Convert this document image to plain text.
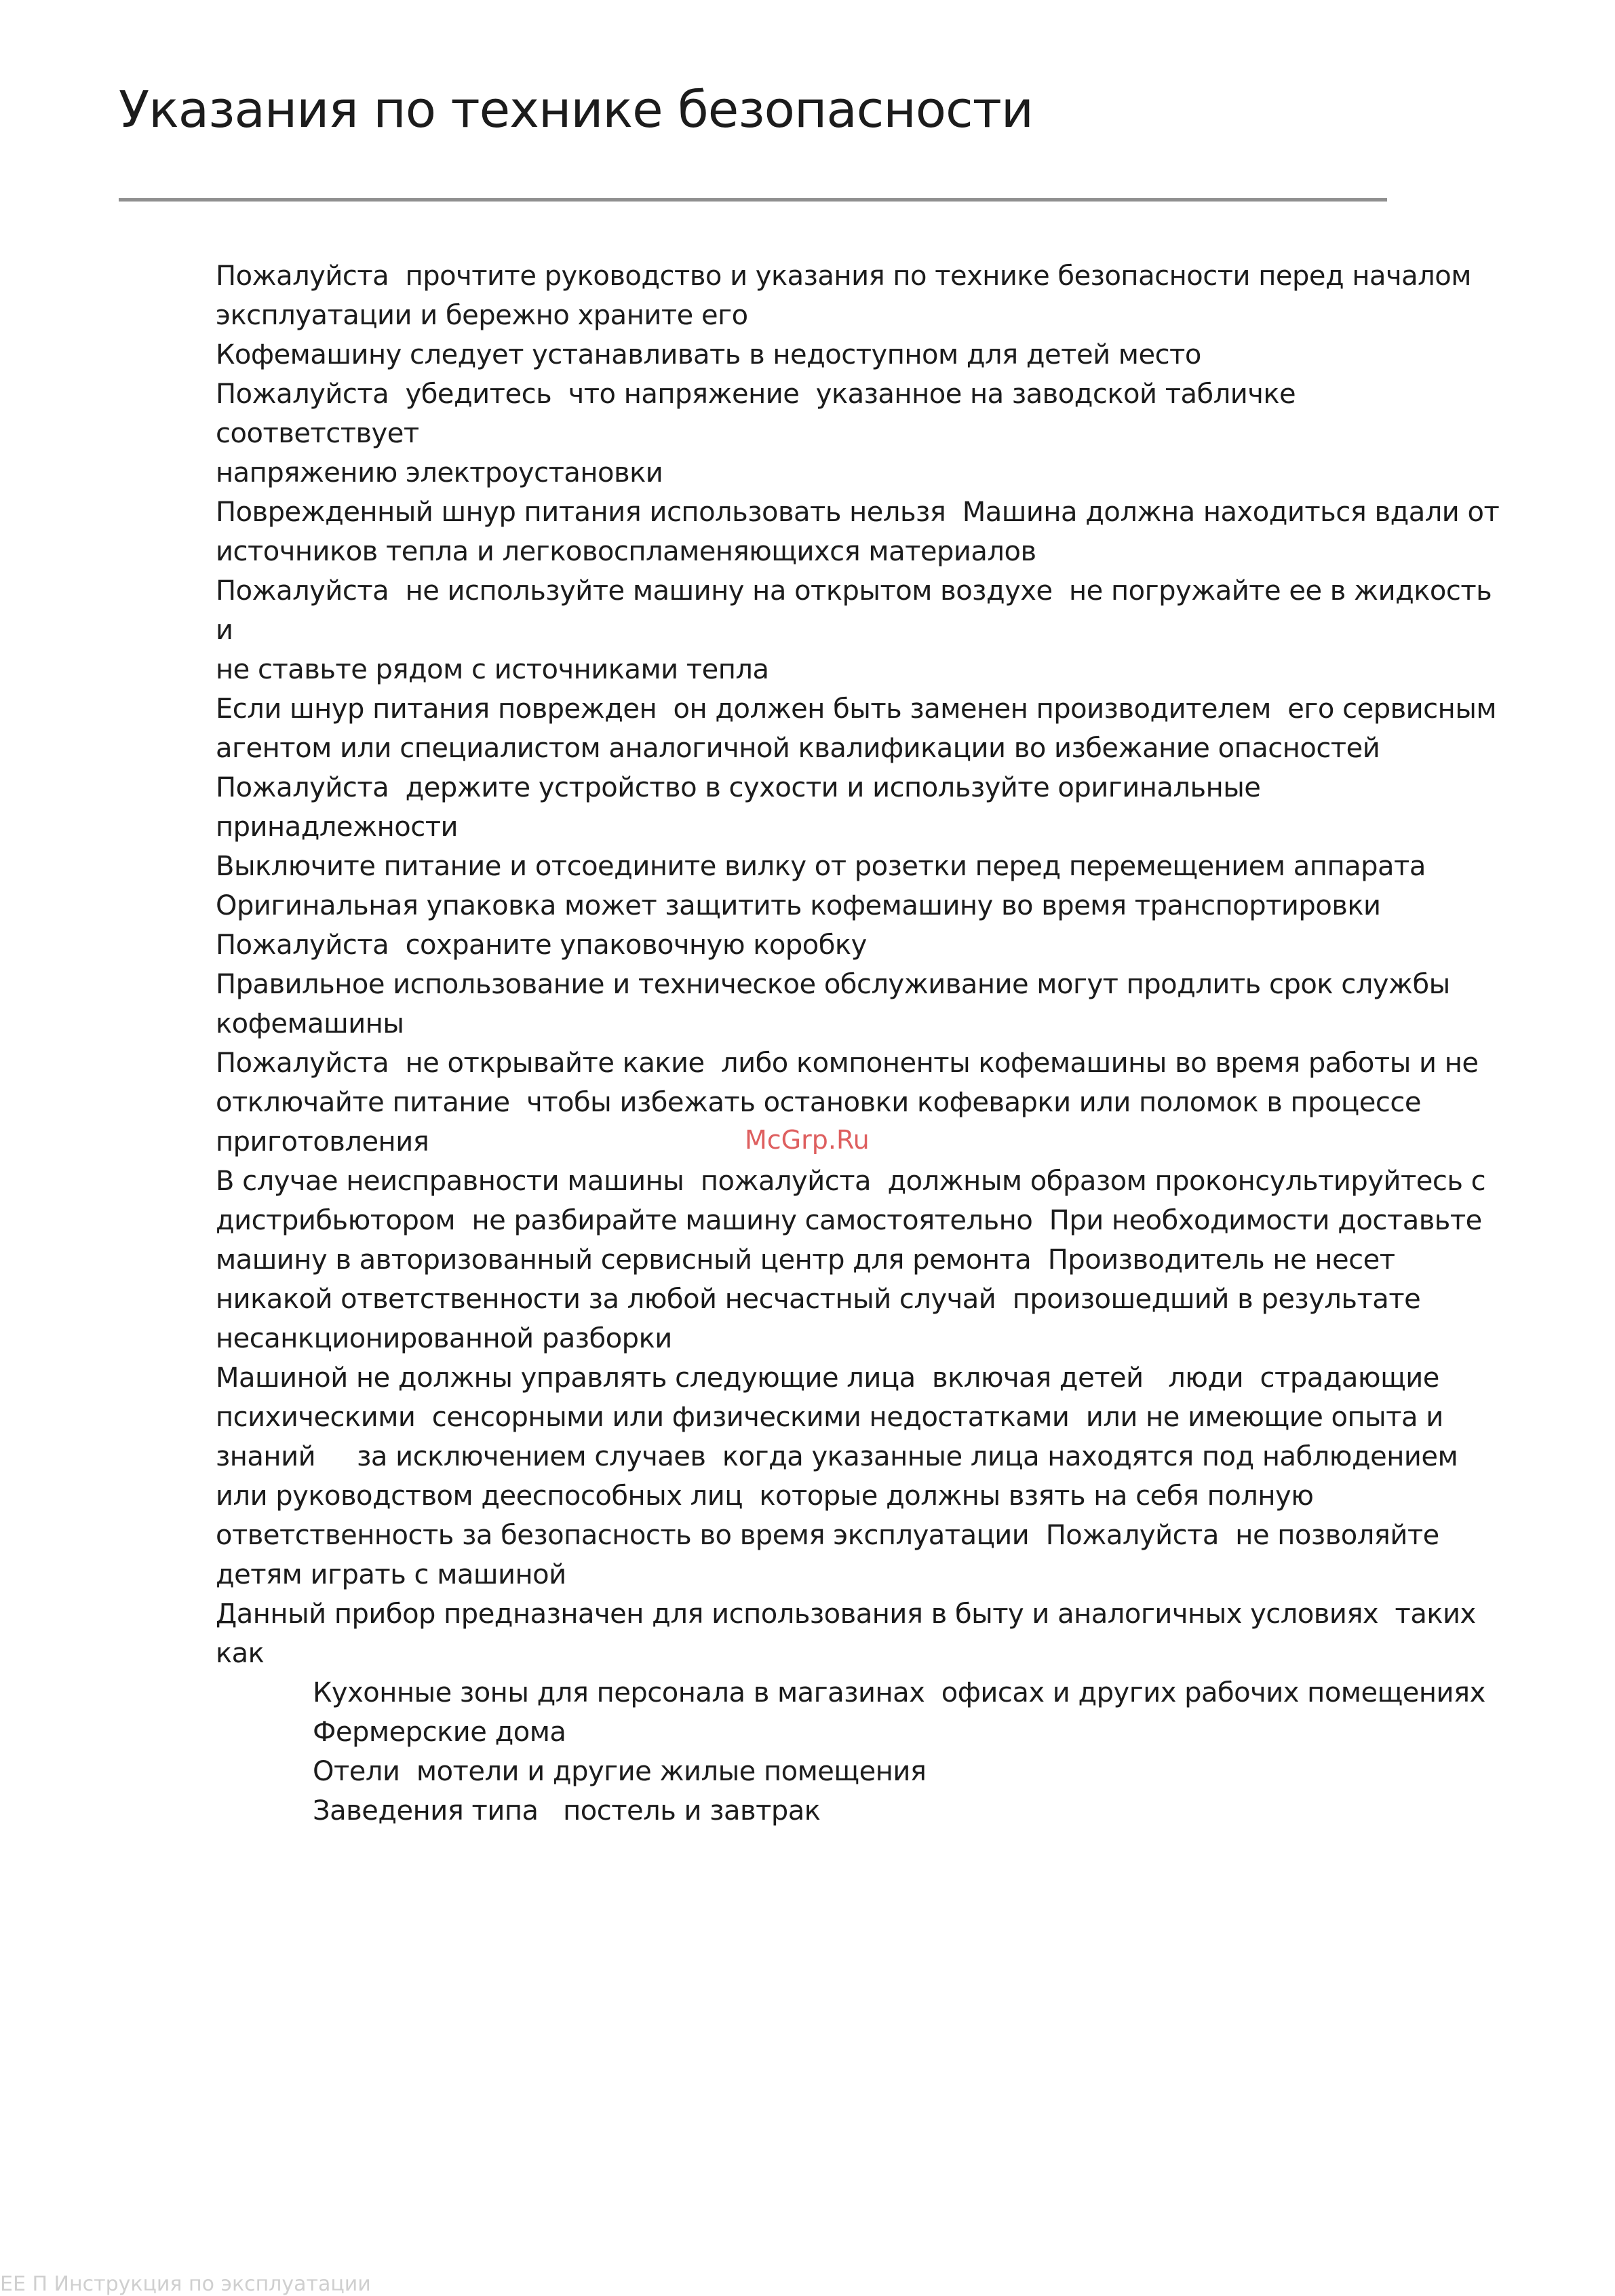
Указания по технике безопасности

Пожалуйста  прочтите руководство и указания по технике безопасности перед началом
эксплуатации и бережно храните его

Кофемашину следует устанавливать в недоступном для детей место

Пожалуйста  убедитесь  что напряжение  указанное на заводской табличке  соответствует
напряжению электроустановки

Поврежденный шнур питания использовать нельзя  Машина должна находиться вдали от
источников тепла и легковоспламеняющихся материалов

Пожалуйста  не используйте машину на открытом воздухе  не погружайте ее в жидкость и
не ставьте рядом с источниками тепла

Если шнур питания поврежден  он должен быть заменен производителем  его сервисным
агентом или специалистом аналогичной квалификации во избежание опасностей

Пожалуйста  держите устройство в сухости и используйте оригинальные принадлежности

Выключите питание и отсоедините вилку от розетки перед перемещением аппарата

Оригинальная упаковка может защитить кофемашину во время транспортировки
Пожалуйста  сохраните упаковочную коробку

Правильное использование и техническое обслуживание могут продлить срок службы
кофемашины

Пожалуйста  не открывайте какие  либо компоненты кофемашины во время работы и не
отключайте питание  чтобы избежать остановки кофеварки или поломок в процессе
приготовления

В случае неисправности машины  пожалуйста  должным образом проконсультируйтесь с
дистрибьютором  не разбирайте машину самостоятельно  При необходимости доставьте
машину в авторизованный сервисный центр для ремонта  Производитель не несет
никакой ответственности за любой несчастный случай  произошедший в результате
несанкционированной разборки

Машиной не должны управлять следующие лица  включая детей   люди  страдающие
психическими  сенсорными или физическими недостатками  или не имеющие опыта и
знаний     за исключением случаев  когда указанные лица находятся под наблюдением
или руководством дееспособных лиц  которые должны взять на себя полную
ответственность за безопасность во время эксплуатации  Пожалуйста  не позволяйте
детям играть с машиной

Данный прибор предназначен для использования в быту и аналогичных условиях  таких
как

Кухонные зоны для персонала в магазинах  офисах и других рабочих помещениях

Фермерские дома

Отели  мотели и другие жилые помещения

Заведения типа   постель и завтрак

McGrp.Ru
EE П Инструкция по эксплуатации
